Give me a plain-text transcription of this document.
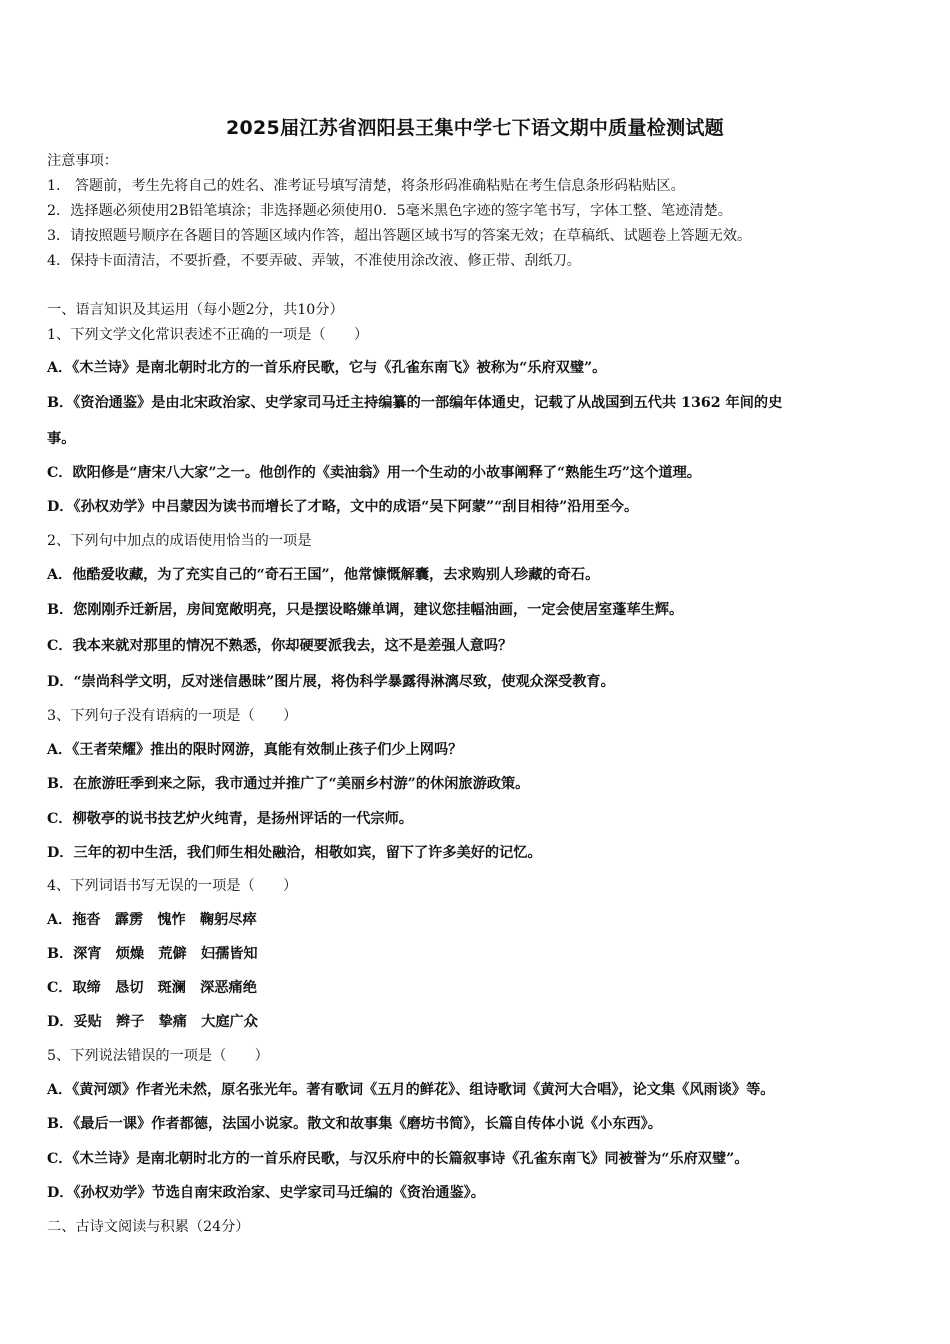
2025届江苏省泗阳县王集中学七下语文期中质量检测试题
注意事项：
1.　答题前，考生先将自己的姓名、准考证号填写清楚，将条形码准确粘贴在考生信息条形码粘贴区。
2．选择题必须使用2B铅笔填涂；非选择题必须使用0．5毫米黑色字迹的签字笔书写，字体工整、笔迹清楚。
3．请按照题号顺序在各题目的答题区域内作答，超出答题区域书写的答案无效；在草稿纸、试题卷上答题无效。
4．保持卡面清洁，不要折叠，不要弄破、弄皱，不准使用涂改液、修正带、刮纸刀。
一、语言知识及其运用（每小题2分，共10分）
1、下列文学文化常识表述不正确的一项是（　　）
A．《木兰诗》是南北朝时北方的一首乐府民歌，它与《孔雀东南飞》被称为“乐府双璧”。
B．《资治通鉴》是由北宋政治家、史学家司马迁主持编纂的一部编年体通史，记载了从战国到五代共 1362 年间的史
事。
C．欧阳修是“唐宋八大家”之一。他创作的《卖油翁》用一个生动的小故事阐释了“熟能生巧”这个道理。
D．《孙权劝学》中吕蒙因为读书而增长了才略，文中的成语“吴下阿蒙”“刮目相待”沿用至今。
2、下列句中加点的成语使用恰当的一项是
A．他酷爱收藏，为了充实自己的“奇石王国”，他常慷慨解囊，去求购别人珍藏的奇石。
B．您刚刚乔迁新居，房间宽敞明亮，只是摆设略嫌单调，建议您挂幅油画，一定会使居室蓬荜生辉。
C．我本来就对那里的情况不熟悉，你却硬要派我去，这不是差强人意吗？
D．“崇尚科学文明，反对迷信愚昧”图片展，将伪科学暴露得淋漓尽致，使观众深受教育。
3、下列句子没有语病的一项是（　　）
A．《王者荣耀》推出的限时网游，真能有效制止孩子们少上网吗？
B．在旅游旺季到来之际，我市通过并推广了“美丽乡村游”的休闲旅游政策。
C．柳敬亭的说书技艺炉火纯青，是扬州评话的一代宗师。
D．三年的初中生活，我们师生相处融洽，相敬如宾，留下了许多美好的记忆。
4、下列词语书写无误的一项是（　　）
A．拖沓　霹雳　愧怍　鞠躬尽瘁
B．深宵　烦燥　荒僻　妇孺皆知
C．取缔　恳切　斑澜　深恶痛绝
D．妥贴　辫子　挚痛　大庭广众
5、下列说法错误的一项是（　　）
A．《黄河颂》作者光未然，原名张光年。著有歌词《五月的鲜花》、组诗歌词《黄河大合唱》，论文集《风雨谈》等。
B．《最后一课》作者都德，法国小说家。散文和故事集《磨坊书简》，长篇自传体小说《小东西》。
C．《木兰诗》是南北朝时北方的一首乐府民歌，与汉乐府中的长篇叙事诗《孔雀东南飞》同被誉为“乐府双璧”。
D．《孙权劝学》节选自南宋政治家、史学家司马迁编的《资治通鉴》。
二、古诗文阅读与积累（24分）
